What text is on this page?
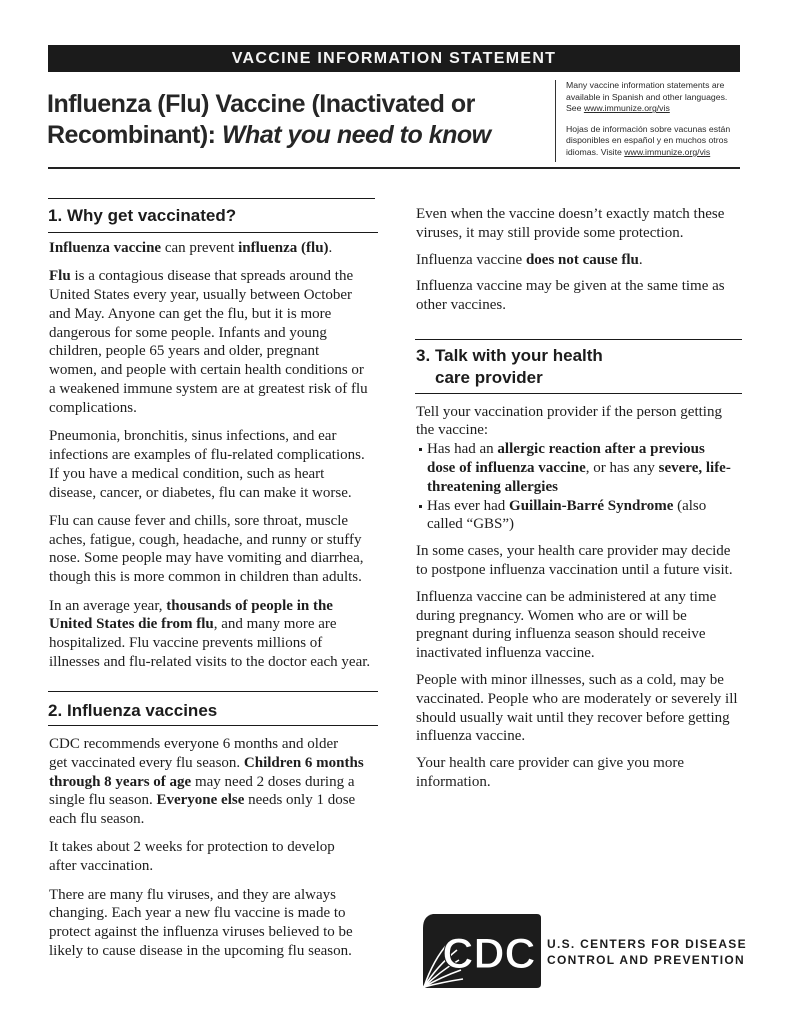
VACCINE INFORMATION STATEMENT
Influenza (Flu) Vaccine (Inactivated or
Recombinant): What you need to know
Many vaccine information statements are
available in Spanish and other languages.
See www.immunize.org/vis
Hojas de información sobre vacunas están
disponibles en español y en muchos otros
idiomas. Visite www.immunize.org/vis
1. Why get vaccinated?
Influenza vaccine can prevent influenza (flu).
Flu is a contagious disease that spreads around the
United States every year, usually between October
and May. Anyone can get the flu, but it is more
dangerous for some people. Infants and young
children, people 65 years and older, pregnant
women, and people with certain health conditions or
a weakened immune system are at greatest risk of flu
complications.
Pneumonia, bronchitis, sinus infections, and ear
infections are examples of flu-related complications.
If you have a medical condition, such as heart
disease, cancer, or diabetes, flu can make it worse.
Flu can cause fever and chills, sore throat, muscle
aches, fatigue, cough, headache, and runny or stuffy
nose. Some people may have vomiting and diarrhea,
though this is more common in children than adults.
In an average year, thousands of people in the
United States die from flu, and many more are
hospitalized. Flu vaccine prevents millions of
illnesses and flu-related visits to the doctor each year.
2. Influenza vaccines
CDC recommends everyone 6 months and older
get vaccinated every flu season. Children 6 months
through 8 years of age may need 2 doses during a
single flu season. Everyone else needs only 1 dose
each flu season.
It takes about 2 weeks for protection to develop
after vaccination.
There are many flu viruses, and they are always
changing. Each year a new flu vaccine is made to
protect against the influenza viruses believed to be
likely to cause disease in the upcoming flu season.
Even when the vaccine doesn’t exactly match these
viruses, it may still provide some protection.
Influenza vaccine does not cause flu.
Influenza vaccine may be given at the same time as
other vaccines.
3. Talk with your health
care provider
Tell your vaccination provider if the person getting
the vaccine:
Has had an allergic reaction after a previous
dose of influenza vaccine, or has any severe, life-
threatening allergies
Has ever had Guillain-Barré Syndrome (also
called “GBS”)
In some cases, your health care provider may decide
to postpone influenza vaccination until a future visit.
Influenza vaccine can be administered at any time
during pregnancy. Women who are or will be
pregnant during influenza season should receive
inactivated influenza vaccine.
People with minor illnesses, such as a cold, may be
vaccinated. People who are moderately or severely ill
should usually wait until they recover before getting
influenza vaccine.
Your health care provider can give you more
information.
CDC U.S. CENTERS FOR DISEASE
CONTROL AND PREVENTION
